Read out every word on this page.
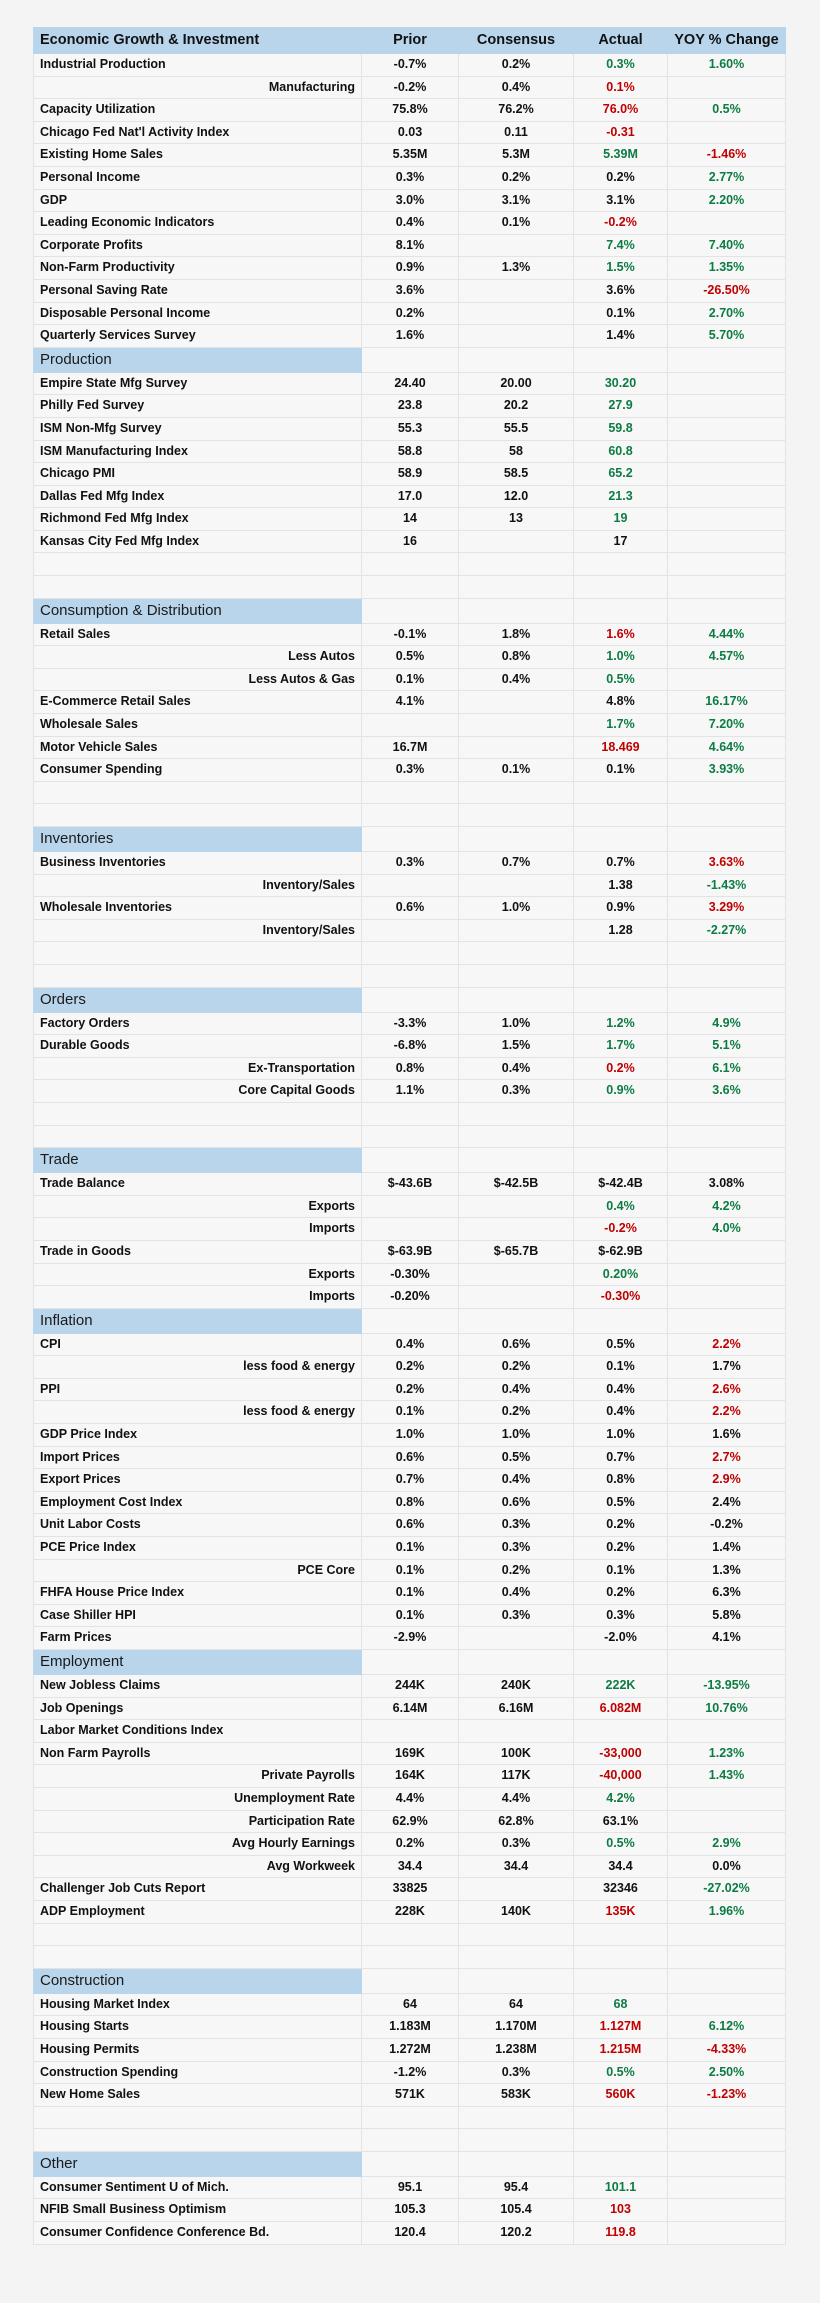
Economic Growth & Investment	Prior	Consensus	Actual	YOY % Change
Industrial Production	-0.7%	0.2%	0.3%	1.60%
Manufacturing	-0.2%	0.4%	0.1%	
Capacity Utilization	75.8%	76.2%	76.0%	0.5%
Chicago Fed Nat'l Activity Index	0.03	0.11	-0.31	
Existing Home Sales	5.35M	5.3M	5.39M	-1.46%
Personal Income	0.3%	0.2%	0.2%	2.77%
GDP	3.0%	3.1%	3.1%	2.20%
Leading Economic Indicators	0.4%	0.1%	-0.2%	
Corporate Profits	8.1%		7.4%	7.40%
Non-Farm Productivity	0.9%	1.3%	1.5%	1.35%
Personal Saving Rate	3.6%		3.6%	-26.50%
Disposable Personal Income	0.2%		0.1%	2.70%
Quarterly Services Survey	1.6%		1.4%	5.70%
Production				
Empire State Mfg Survey	24.40	20.00	30.20	
Philly Fed Survey	23.8	20.2	27.9	
ISM Non-Mfg Survey	55.3	55.5	59.8	
ISM Manufacturing Index	58.8	58	60.8	
Chicago PMI	58.9	58.5	65.2	
Dallas Fed Mfg Index	17.0	12.0	21.3	
Richmond Fed Mfg Index	14	13	19	
Kansas City Fed Mfg Index	16		17	

Consumption & Distribution				
Retail Sales	-0.1%	1.8%	1.6%	4.44%
Less Autos	0.5%	0.8%	1.0%	4.57%
Less Autos & Gas	0.1%	0.4%	0.5%	
E-Commerce Retail Sales	4.1%		4.8%	16.17%
Wholesale Sales			1.7%	7.20%
Motor Vehicle Sales	16.7M		18.469	4.64%
Consumer Spending	0.3%	0.1%	0.1%	3.93%

Inventories				
Business Inventories	0.3%	0.7%	0.7%	3.63%
Inventory/Sales			1.38	-1.43%
Wholesale Inventories	0.6%	1.0%	0.9%	3.29%
Inventory/Sales			1.28	-2.27%

Orders				
Factory Orders	-3.3%	1.0%	1.2%	4.9%
Durable Goods	-6.8%	1.5%	1.7%	5.1%
Ex-Transportation	0.8%	0.4%	0.2%	6.1%
Core Capital Goods	1.1%	0.3%	0.9%	3.6%

Trade				
Trade Balance	$-43.6B	$-42.5B	$-42.4B	3.08%
Exports			0.4%	4.2%
Imports			-0.2%	4.0%
Trade in Goods	$-63.9B	$-65.7B	$-62.9B	
Exports	-0.30%		0.20%	
Imports	-0.20%		-0.30%	
Inflation				
CPI	0.4%	0.6%	0.5%	2.2%
less food & energy	0.2%	0.2%	0.1%	1.7%
PPI	0.2%	0.4%	0.4%	2.6%
less food & energy	0.1%	0.2%	0.4%	2.2%
GDP Price Index	1.0%	1.0%	1.0%	1.6%
Import Prices	0.6%	0.5%	0.7%	2.7%
Export Prices	0.7%	0.4%	0.8%	2.9%
Employment Cost Index	0.8%	0.6%	0.5%	2.4%
Unit Labor Costs	0.6%	0.3%	0.2%	-0.2%
PCE Price Index	0.1%	0.3%	0.2%	1.4%
PCE Core	0.1%	0.2%	0.1%	1.3%
FHFA House Price Index	0.1%	0.4%	0.2%	6.3%
Case Shiller HPI	0.1%	0.3%	0.3%	5.8%
Farm Prices	-2.9%		-2.0%	4.1%
Employment				
New Jobless Claims	244K	240K	222K	-13.95%
Job Openings	6.14M	6.16M	6.082M	10.76%
Labor Market Conditions Index				
Non Farm Payrolls	169K	100K	-33,000	1.23%
Private Payrolls	164K	117K	-40,000	1.43%
Unemployment Rate	4.4%	4.4%	4.2%	
Participation Rate	62.9%	62.8%	63.1%	
Avg Hourly Earnings	0.2%	0.3%	0.5%	2.9%
Avg Workweek	34.4	34.4	34.4	0.0%
Challenger Job Cuts Report	33825		32346	-27.02%
ADP Employment	228K	140K	135K	1.96%

Construction				
Housing Market Index	64	64	68	
Housing Starts	1.183M	1.170M	1.127M	6.12%
Housing Permits	1.272M	1.238M	1.215M	-4.33%
Construction Spending	-1.2%	0.3%	0.5%	2.50%
New Home Sales	571K	583K	560K	-1.23%

Other				
Consumer Sentiment U of Mich.	95.1	95.4	101.1	
NFIB Small Business Optimism	105.3	105.4	103	
Consumer Confidence Conference Bd.	120.4	120.2	119.8	
